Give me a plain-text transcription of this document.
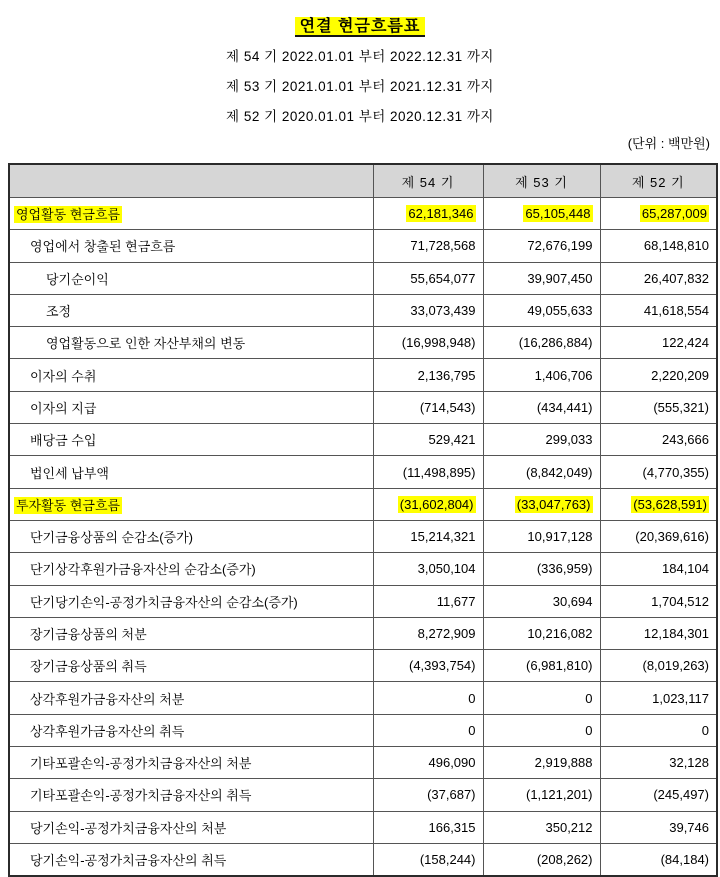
연결 현금흐름표
제 54 기 2022.01.01 부터 2022.12.31 까지
제 53 기 2021.01.01 부터 2021.12.31 까지
제 52 기 2020.01.01 부터 2020.12.31 까지
(단위 : 백만원)
	제 54 기	제 53 기	제 52 기
영업활동 현금흐름	62,181,346	65,105,448	65,287,009
영업에서 창출된 현금흐름	71,728,568	72,676,199	68,148,810
당기순이익	55,654,077	39,907,450	26,407,832
조정	33,073,439	49,055,633	41,618,554
영업활동으로 인한 자산부채의 변동	(16,998,948)	(16,286,884)	122,424
이자의 수취	2,136,795	1,406,706	2,220,209
이자의 지급	(714,543)	(434,441)	(555,321)
배당금 수입	529,421	299,033	243,666
법인세 납부액	(11,498,895)	(8,842,049)	(4,770,355)
투자활동 현금흐름	(31,602,804)	(33,047,763)	(53,628,591)
단기금융상품의 순감소(증가)	15,214,321	10,917,128	(20,369,616)
단기상각후원가금융자산의 순감소(증가)	3,050,104	(336,959)	184,104
단기당기손익-공정가치금융자산의 순감소(증가)	11,677	30,694	1,704,512
장기금융상품의 처분	8,272,909	10,216,082	12,184,301
장기금융상품의 취득	(4,393,754)	(6,981,810)	(8,019,263)
상각후원가금융자산의 처분	0	0	1,023,117
상각후원가금융자산의 취득	0	0	0
기타포괄손익-공정가치금융자산의 처분	496,090	2,919,888	32,128
기타포괄손익-공정가치금융자산의 취득	(37,687)	(1,121,201)	(245,497)
당기손익-공정가치금융자산의 처분	166,315	350,212	39,746
당기손익-공정가치금융자산의 취득	(158,244)	(208,262)	(84,184)
